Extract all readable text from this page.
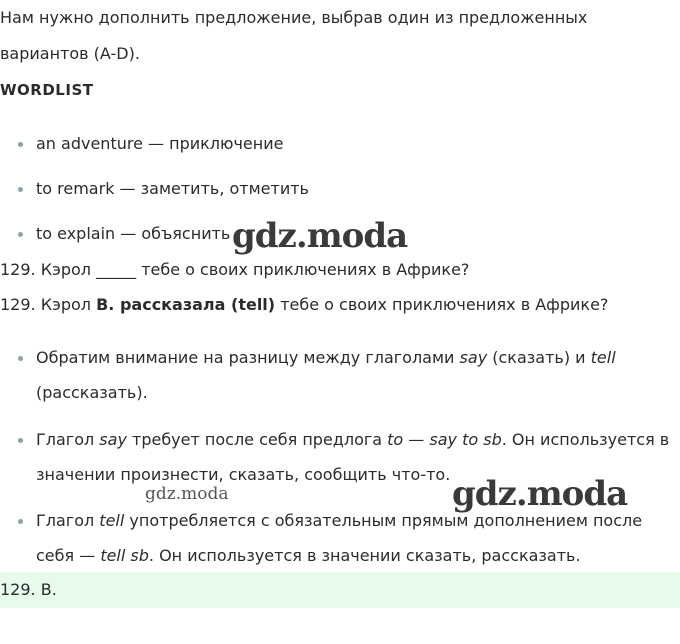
Нам нужно дополнить предложение, выбрав один из предложенных
вариантов (A-D).
WORDLIST
an adventure — приключение
to remark — заметить, отметить
to explain — объяснить
129. Кэрол _____ тебе о своих приключениях в Африке?
129. Кэрол B. рассказала (tell) тебе о своих приключениях в Африке?
Обратим внимание на разницу между глаголами say (сказать) и tell
(рассказать).
Глагол say требует после себя предлога to — say to sb. Он используется в
значении произнести, сказать, сообщить что-то.
Глагол tell употребляется с обязательным прямым дополнением после
себя — tell sb. Он используется в значении сказать, рассказать.
129. B.
gdz.moda
gdz.moda	gdz.moda
